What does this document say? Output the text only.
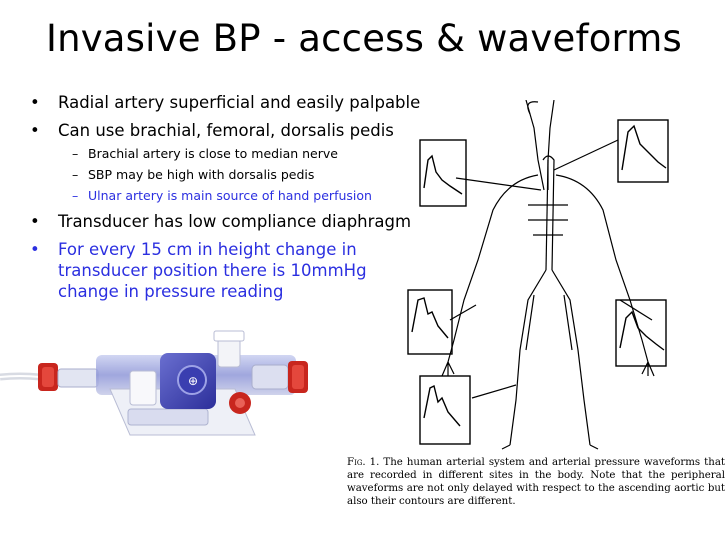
Invasive BP - access & waveforms
• Radial artery superficial and easily palpable
• Can use brachial, femoral, dorsalis pedis
– Brachial artery is close to median nerve
– SBP may be high with dorsalis pedis
– Ulnar artery is main source of hand perfusion
• Transducer has low compliance diaphragm
• For every 15 cm in height change in
transducer position there is 10mmHg
change in pressure reading
⊕
Fig. 1. The human arterial system and arterial pressure waveforms that are recorded in different sites in the body. Note that the peripheral waveforms are not only delayed with respect to the ascending aortic but also their contours are different.
